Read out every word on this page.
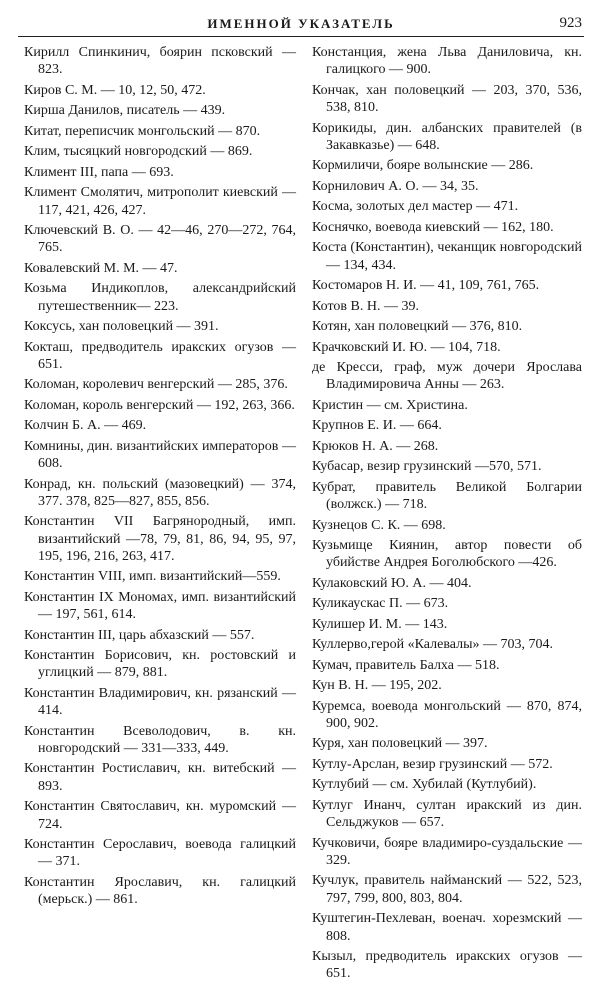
ИМЕННОЙ УКАЗАТЕЛЬ	923

Кирилл Спинкинич, боярин псковский — 823.

Киров С. М. — 10, 12, 50, 472.

Кирша Данилов, писатель — 439.

Китат, переписчик монгольский — 870.

Клим, тысяцкий новгородский — 869.

Климент III, папа — 693.

Климент Смолятич, митрополит киевский — 117, 421, 426, 427.

Ключевский В. О. — 42—46, 270—272, 764, 765.

Ковалевский М. М. — 47.

Козьма Индикоплов, александрийский путешественник— 223.

Коксусь, хан половецкий — 391.

Кокташ, предводитель иракских огузов — 651.

Коломан, королевич венгерский — 285, 376.

Коломан, король венгерский — 192, 263, 366.

Колчин Б. А. — 469.

Комнины, дин. византийских императоров — 608.

Конрад, кн. польский (мазовецкий) — 374, 377. 378, 825—827, 855, 856.

Константин VII Багрянородный, имп. византийский —78, 79, 81, 86, 94, 95, 97, 195, 196, 216, 263, 417.

Константин VIII, имп. византийский—559.

Константин IX Мономах, имп. византийский — 197, 561, 614.

Константин III, царь абхазский — 557.

Константин Борисович, кн. ростовский и углицкий — 879, 881.

Константин Владимирович, кн. рязанский — 414.

Константин Всеволодович, в. кн. новгородский — 331—333, 449.

Константин Ростиславич, кн. витебский — 893.

Константин Святославич, кн. муромский — 724.

Константин Сероcлавич, воевода галицкий — 371.

Константин Ярославич, кн. галицкий (мерьск.) — 861.

Констанция, жена Льва Даниловича, кн. галицкого — 900.

Кончак, хан половецкий — 203, 370, 536, 538, 810.

Корикиды, дин. албанских правителей (в Закавказье) — 648.

Кормиличи, бояре волынские — 286.

Корнилович А. О. — 34, 35.

Косма, золотых дел мастер — 471.

Коснячко, воевода киевский — 162, 180.

Коста (Константин), чеканщик новгородский — 134, 434.

Костомаров Н. И. — 41, 109, 761, 765.

Котов В. Н. — 39.

Котян, хан половецкий — 376, 810.

Крачковский И. Ю. — 104, 718.

де Кресси, граф, муж дочери Ярослава Владимировича Анны — 263.

Кристин — см. Христина.

Крупнов Е. И. — 664.

Крюков Н. А. — 268.

Кубасар, везир грузинский —570, 571.

Кубрат, правитель Великой Болгарии (волжск.) — 718.

Кузнецов С. К. — 698.

Кузьмище Киянин, автор повести об убийстве Андрея Боголюбского —426.

Кулаковский Ю. А. — 404.

Куликаускас П. — 673.

Кулишер И. М. — 143.

Куллерво,герой «Калевалы» — 703, 704.

Кумач, правитель Балха — 518.

Кун В. Н. — 195, 202.

Куремса, воевода монгольский — 870, 874, 900, 902.

Куря, хан половецкий — 397.

Кутлу-Арслан, везир грузинский — 572.

Кутлубий — см. Хубилай (Кутлубий).

Кутлуг Инанч, султан иракский из дин. Сельджуков — 657.

Кучковичи, бояре владимиро-суздальские — 329.

Кучлук, правитель найманский — 522, 523, 797, 799, 800, 803, 804.

Куштегин-Пехлеван, военач. хорезмский — 808.

Кызыл, предводитель иракских огузов — 651.
